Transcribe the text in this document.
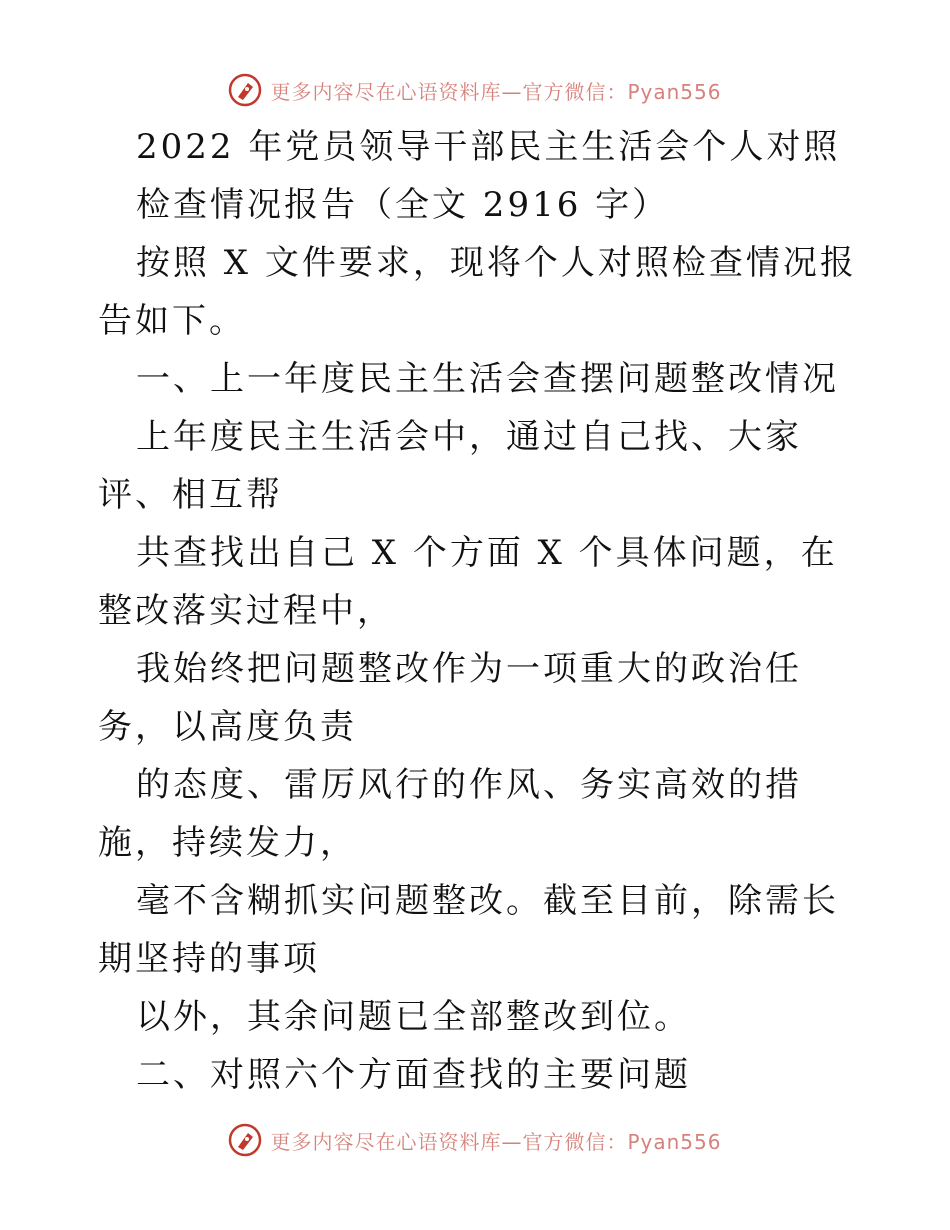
更多内容尽在心语资料库—官方微信：Pyan556

2022 年党员领导干部民主生活会个人对照

检查情况报告（全文 2916 字）

按照 X 文件要求，现将个人对照检查情况报告如下。

一、上一年度民主生活会查摆问题整改情况

上年度民主生活会中，通过自己找、大家评、相互帮

共查找出自己 X 个方面 X 个具体问题，在整改落实过程中，

我始终把问题整改作为一项重大的政治任务，以高度负责

的态度、雷厉风行的作风、务实高效的措施，持续发力，

毫不含糊抓实问题整改。截至目前，除需长期坚持的事项

以外，其余问题已全部整改到位。

二、对照六个方面查找的主要问题

更多内容尽在心语资料库—官方微信：Pyan556
